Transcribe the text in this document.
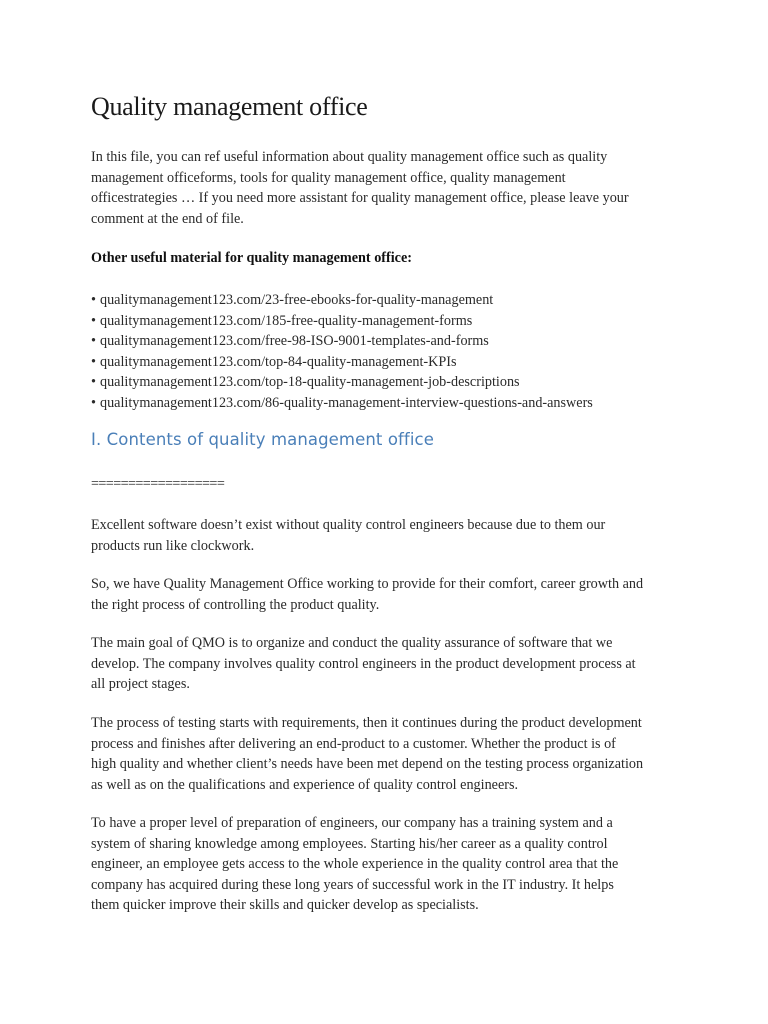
Quality management office

In this file, you can ref useful information about quality management office such as quality
management officeforms, tools for quality management office, quality management
officestrategies … If you need more assistant for quality management office, please leave your
comment at the end of file.

Other useful material for quality management office:

• qualitymanagement123.com/23-free-ebooks-for-quality-management
• qualitymanagement123.com/185-free-quality-management-forms
• qualitymanagement123.com/free-98-ISO-9001-templates-and-forms
• qualitymanagement123.com/top-84-quality-management-KPIs
• qualitymanagement123.com/top-18-quality-management-job-descriptions
• qualitymanagement123.com/86-quality-management-interview-questions-and-answers
I. Contents of quality management office

==================

Excellent software doesn’t exist without quality control engineers because due to them our
products run like clockwork.

So, we have Quality Management Office working to provide for their comfort, career growth and
the right process of controlling the product quality.

The main goal of QMO is to organize and conduct the quality assurance of software that we
develop. The company involves quality control engineers in the product development process at
all project stages.

The process of testing starts with requirements, then it continues during the product development
process and finishes after delivering an end-product to a customer. Whether the product is of
high quality and whether client’s needs have been met depend on the testing process organization
as well as on the qualifications and experience of quality control engineers.

To have a proper level of preparation of engineers, our company has a training system and a
system of sharing knowledge among employees. Starting his/her career as a quality control
engineer, an employee gets access to the whole experience in the quality control area that the
company has acquired during these long years of successful work in the IT industry. It helps
them quicker improve their skills and quicker develop as specialists.
